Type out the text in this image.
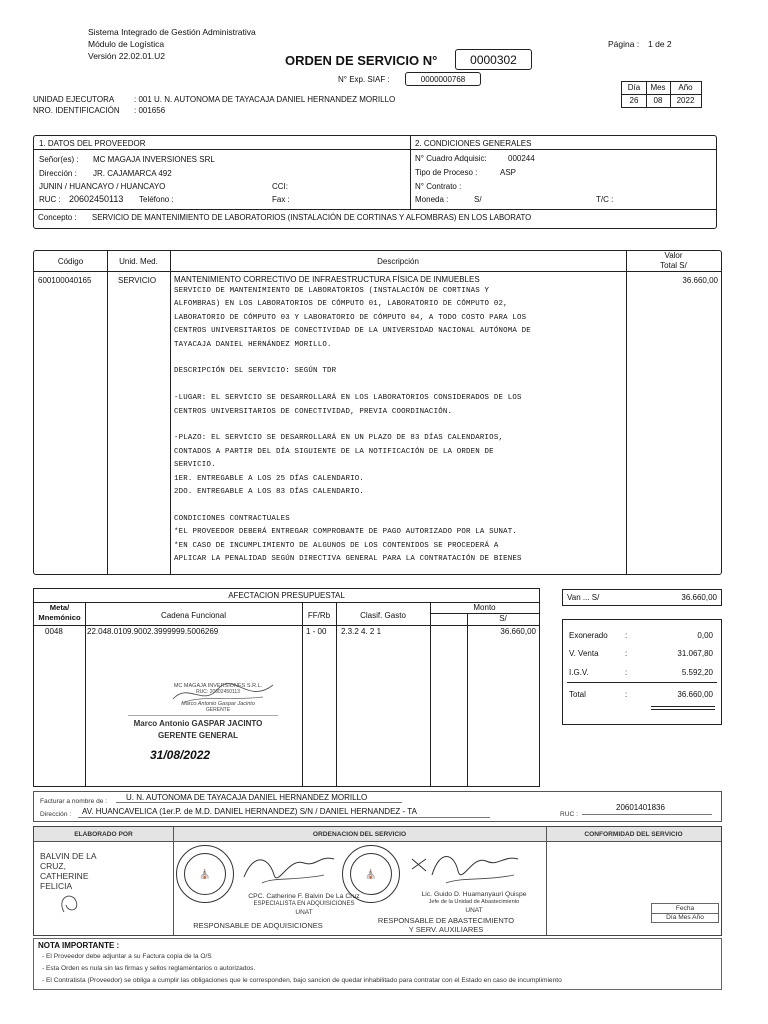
Sistema Integrado de Gestión Administrativa
Módulo de Logística
Versión 22.02.01.U2	ORDEN DE SERVICIO N°	0000302
Página : 1 de 2
N° Exp. SIAF :	0000000768
Día	Mes	Año
26	08	2022
UNIDAD EJECUTORA : 001 U. N. AUTONOMA DE TAYACAJA DANIEL HERNANDEZ MORILLO
NRO. IDENTIFICACIÓN : 001656
1. DATOS DEL PROVEEDOR	2. CONDICIONES GENERALES
Señor(es) : MC MAGAJA INVERSIONES SRL
Dirección : JR. CAJAMARCA 492
JUNIN / HUANCAYO / HUANCAYO	CCI:
RUC : 20602450113 Teléfono :	Fax :
N° Cuadro Adquisic:	000244
Tipo de Proceso :	ASP
N° Contrato :
Moneda :	S/	T/C :
Concepto : SERVICIO DE MANTENIMIENTO DE LABORATORIOS (INSTALACIÓN DE CORTINAS Y ALFOMBRAS) EN LOS LABORATO
Código	Unid. Med.	Descripción
Valor
Total S/
600100040165	SERVICIO MANTENIMIENTO CORRECTIVO DE INFRAESTRUCTURA FÍSICA DE INMUEBLES	36.660,00
SERVICIO DE MANTENIMIENTO DE LABORATORIOS (INSTALACIÓN DE CORTINAS Y
ALFOMBRAS) EN LOS LABORATORIOS DE CÓMPUTO 01, LABORATORIO DE CÓMPUTO 02,
LABORATORIO DE CÓMPUTO 03 Y LABORATORIO DE CÓMPUTO 04, A TODO COSTO PARA LOS
CENTROS UNIVERSITARIOS DE CONECTIVIDAD DE LA UNIVERSIDAD NACIONAL AUTÓNOMA DE
TAYACAJA DANIEL HERNÁNDEZ MORILLO.
DESCRIPCIÓN DEL SERVICIO: SEGÚN TDR
-LUGAR: EL SERVICIO SE DESARROLLARÁ EN LOS LABORATORIOS CONSIDERADOS DE LOS
CENTROS UNIVERSITARIOS DE CONECTIVIDAD, PREVIA COORDINACIÓN.
-PLAZO: EL SERVICIO SE DESARROLLARÁ EN UN PLAZO DE 83 DÍAS CALENDARIOS,
CONTADOS A PARTIR DEL DÍA SIGUIENTE DE LA NOTIFICACIÓN DE LA ORDEN DE
SERVICIO.
1ER. ENTREGABLE A LOS 25 DÍAS CALENDARIO.
2DO. ENTREGABLE A LOS 83 DÍAS CALENDARIO.
CONDICIONES CONTRACTUALES
*EL PROVEEDOR DEBERÁ ENTREGAR COMPROBANTE DE PAGO AUTORIZADO POR LA SUNAT.
*EN CASO DE INCUMPLIMIENTO DE ALGUNOS DE LOS CONTENIDOS SE PROCEDERÁ A
APLICAR LA PENALIDAD SEGÚN DIRECTIVA GENERAL PARA LA CONTRATACIÓN DE BIENES
AFECTACION PRESUPUESTAL
Meta/
Mnemónico	Cadena Funcional	FF/Rb	Clasif. Gasto
Monto
S/
0048	22.048.0109.9002.3999999.5006269	1 - 00 2.3.2 4. 2 1	36.660,00
MC MAGAJA INVERSIONES S.R.L.
RUC: 20602450113
Marco Antonio Gaspar Jacinto
GERENTE
Marco Antonio GASPAR JACINTO
GERENTE GENERAL
31/08/2022
Van ... S/	36.660,00
Exonerado :	0,00
V. Venta	:	31.067,80
I.G.V.	:	5.592,20
Total	:	36.660,00
Facturar a nombre de : U. N. AUTONOMA DE TAYACAJA DANIEL HERNANDEZ MORILLO
Dirección : AV. HUANCAVELICA (1er.P. de M.D. DANIEL HERNANDEZ) S/N / DANIEL HERNANDEZ - TA	RUC :
20601401836
ELABORADO POR	ORDENACION DEL SERVICIO	CONFORMIDAD DEL SERVICIO
BALVIN DE LA
CRUZ,
CATHERINE
FELICIA
⛪
CPC. Catherine F. Balvin De La Cruz
ESPECIALISTA EN ADQUISICIONES
UNAT
RESPONSABLE DE ADQUISICIONES
⛪
Lic. Guido D. Huamanyauri Quispe
Jefe de la Unidad de Abastecimiento
UNAT
RESPONSABLE DE ABASTECIMIENTO
Y SERV. AUXILIARES
Fecha
Día Mes Año
NOTA IMPORTANTE :
- El Proveedor debe adjuntar a su Factura copia de la O/S
- Esta Orden es nula sin las firmas y sellos reglamentarios o autorizados.
- El Contratista (Proveedor) se obliga a cumplir las obligaciones que le corresponden, bajo sancion de quedar inhabilitado para contratar con el Estado en caso de incumplimiento
